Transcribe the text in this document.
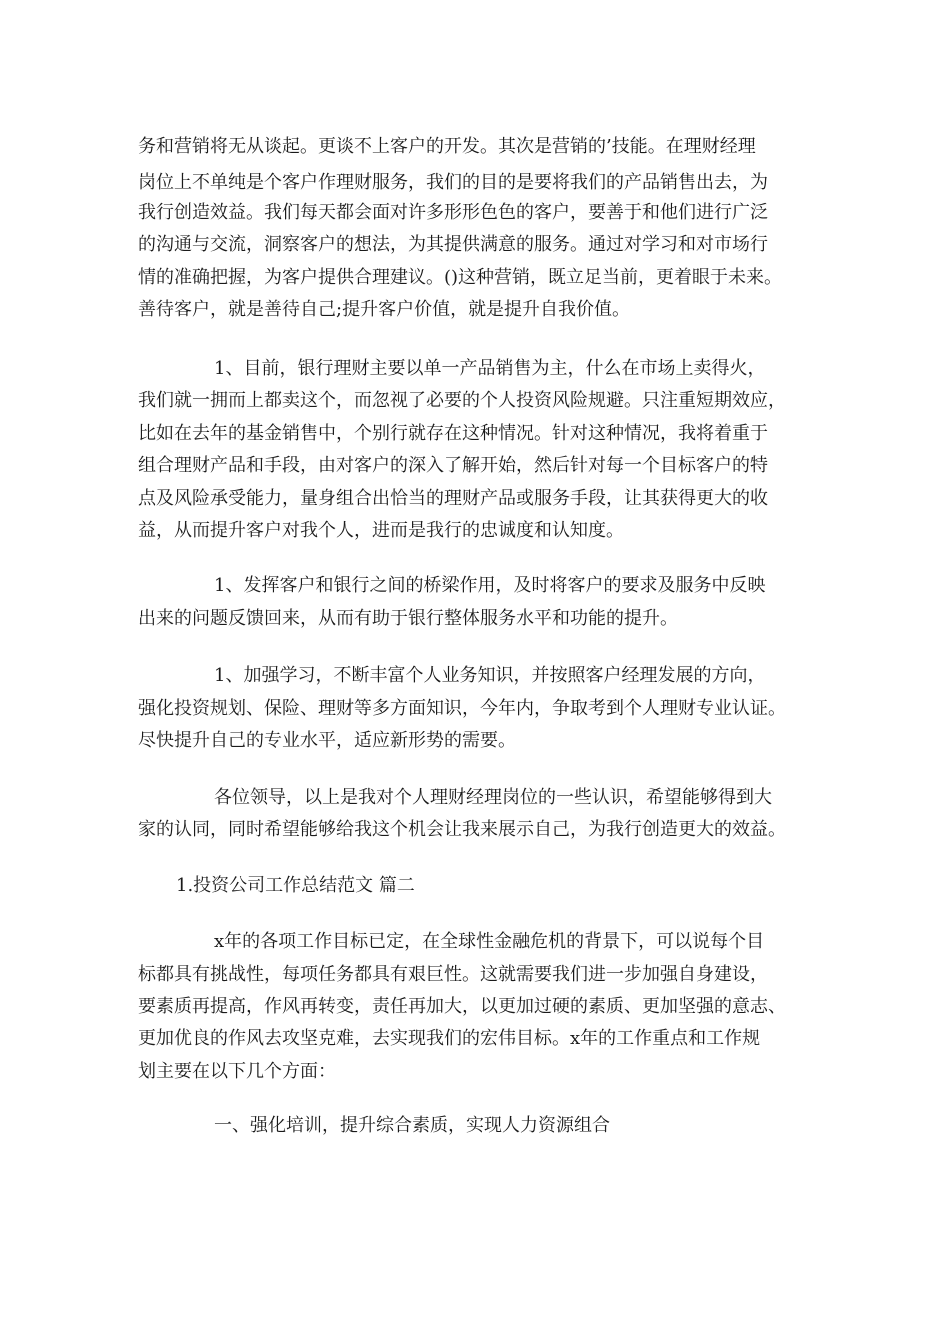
务和营销将无从谈起。更谈不上客户的开发。其次是营销的’技能。在理财经理

岗位上不单纯是个客户作理财服务，我们的目的是要将我们的产品销售出去，为

我行创造效益。我们每天都会面对许多形形色色的客户，要善于和他们进行广泛

的沟通与交流，洞察客户的想法，为其提供满意的服务。通过对学习和对市场行

情的准确把握，为客户提供合理建议。()这种营销，既立足当前，更着眼于未来。

善待客户，就是善待自己;提升客户价值，就是提升自我价值。

1、目前，银行理财主要以单一产品销售为主，什么在市场上卖得火，

我们就一拥而上都卖这个，而忽视了必要的个人投资风险规避。只注重短期效应，

比如在去年的基金销售中，个别行就存在这种情况。针对这种情况，我将着重于

组合理财产品和手段，由对客户的深入了解开始，然后针对每一个目标客户的特

点及风险承受能力，量身组合出恰当的理财产品或服务手段，让其获得更大的收

益，从而提升客户对我个人，进而是我行的忠诚度和认知度。

1、发挥客户和银行之间的桥梁作用，及时将客户的要求及服务中反映

出来的问题反馈回来，从而有助于银行整体服务水平和功能的提升。

1、加强学习，不断丰富个人业务知识，并按照客户经理发展的方向，

强化投资规划、保险、理财等多方面知识，今年内，争取考到个人理财专业认证。

尽快提升自己的专业水平，适应新形势的需要。

各位领导，以上是我对个人理财经理岗位的一些认识，希望能够得到大

家的认同，同时希望能够给我这个机会让我来展示自己，为我行创造更大的效益。

1.投资公司工作总结范文 篇二

x年的各项工作目标已定，在全球性金融危机的背景下，可以说每个目

标都具有挑战性，每项任务都具有艰巨性。这就需要我们进一步加强自身建设，

要素质再提高，作风再转变，责任再加大，以更加过硬的素质、更加坚强的意志、

更加优良的作风去攻坚克难，去实现我们的宏伟目标。x年的工作重点和工作规

划主要在以下几个方面：

一、强化培训，提升综合素质，实现人力资源组合
